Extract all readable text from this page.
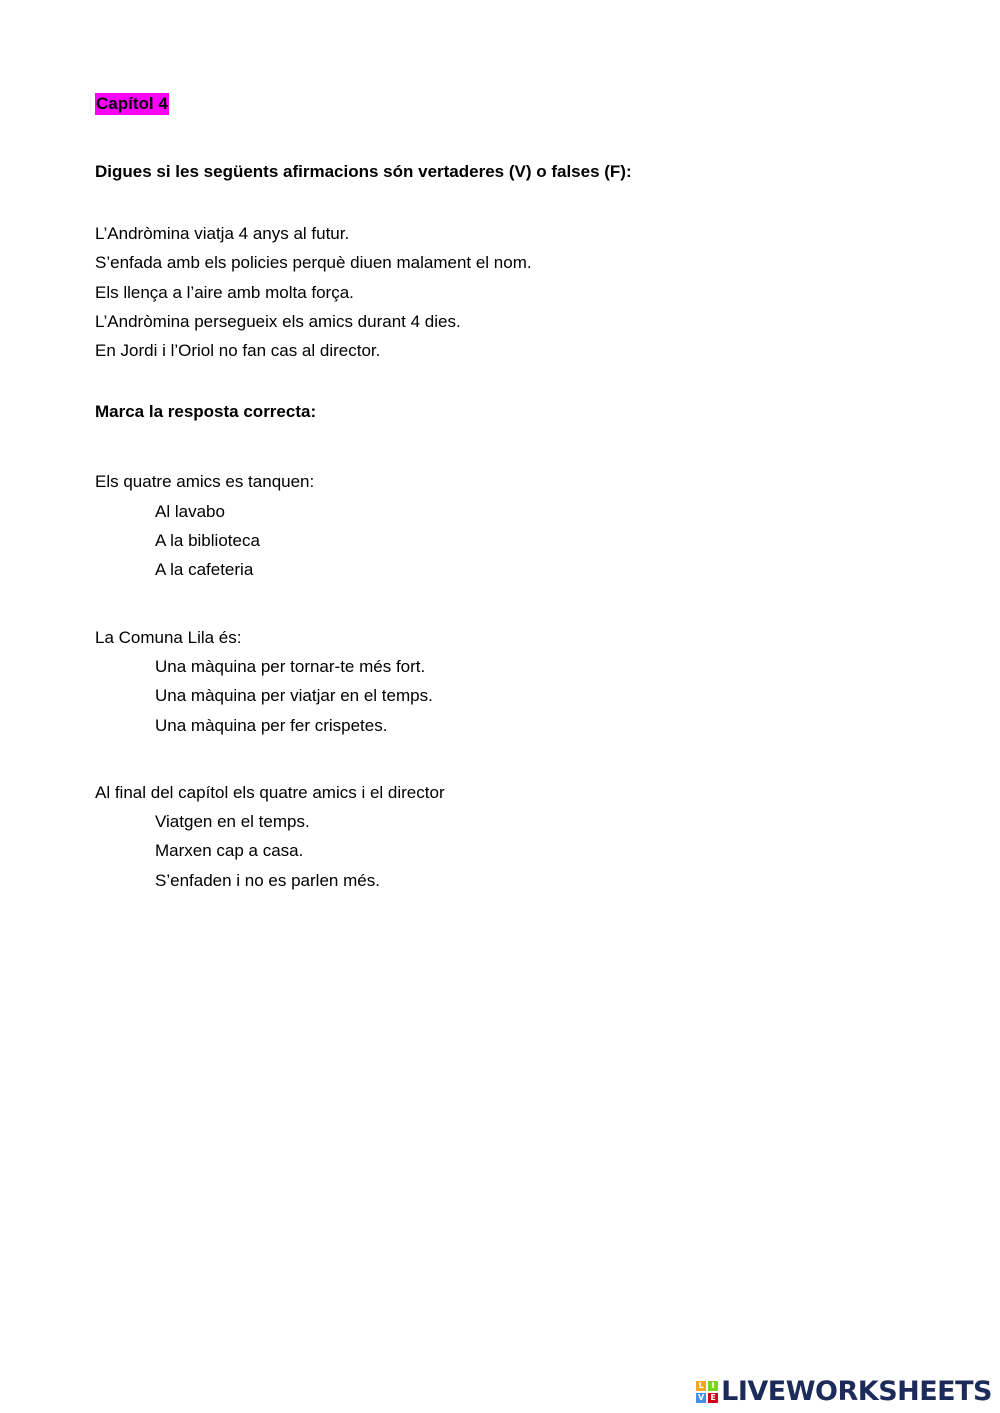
Capítol 4

Digues si les següents afirmacions són vertaderes (V) o falses (F):

L’Andròmina viatja 4 anys al futur.

S’enfada amb els policies perquè diuen malament el nom.

Els llença a l’aire amb molta força.

L’Andròmina persegueix els amics durant 4 dies.

En Jordi i l’Oriol no fan cas al director.

Marca la resposta correcta:

Els quatre amics es tanquen:

Al lavabo

A la biblioteca

A la cafeteria

La Comuna Lila és:

Una màquina per tornar-te més fort.

Una màquina per viatjar en el temps.

Una màquina per fer crispetes.

Al final del capítol els quatre amics i el director

Viatgen en el temps.

Marxen cap a casa.

S’enfaden i no es parlen més.

L I
V E LIVEWORKSHEETS
